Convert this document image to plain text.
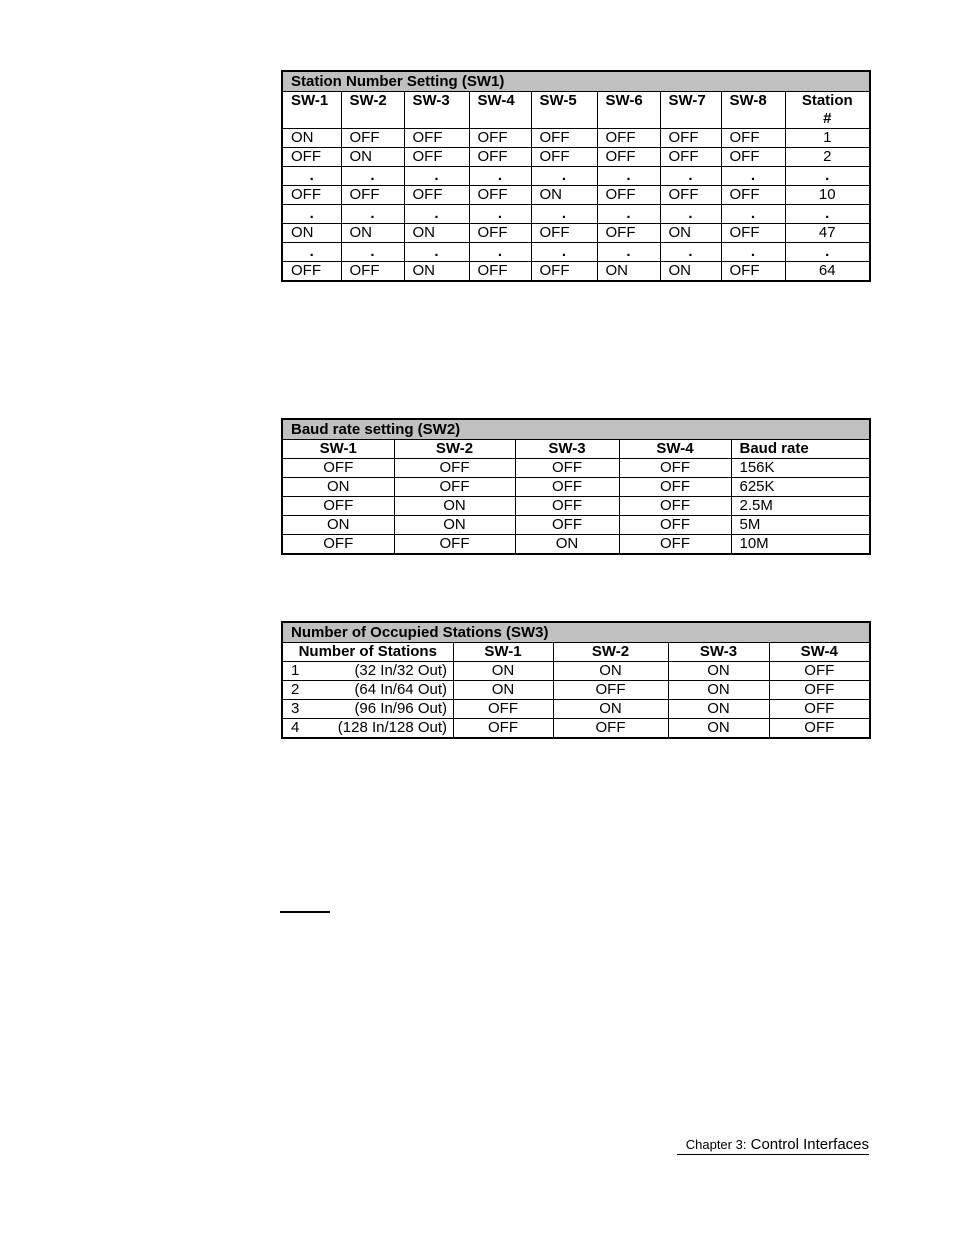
Station Number Setting (SW1)								
SW-1	SW-2	SW-3	SW-4	SW-5	SW-6	SW-7	SW-8	Station
#
ON	OFF	OFF	OFF	OFF	OFF	OFF	OFF	1
OFF	ON	OFF	OFF	OFF	OFF	OFF	OFF	2
.	.	.	.	.	.	.	.	.
OFF	OFF	OFF	OFF	ON	OFF	OFF	OFF	10
.	.	.	.	.	.	.	.	.
ON	ON	ON	OFF	OFF	OFF	ON	OFF	47
.	.	.	.	.	.	.	.	.
OFF	OFF	ON	OFF	OFF	ON	ON	OFF	64
Baud rate setting (SW2)				
SW-1	SW-2	SW-3	SW-4	Baud rate
OFF	OFF	OFF	OFF	156K
ON	OFF	OFF	OFF	625K
OFF	ON	OFF	OFF	2.5M
ON	ON	OFF	OFF	5M
OFF	OFF	ON	OFF	10M
Number of Occupied Stations (SW3)				
Number of Stations	SW-1	SW-2	SW-3	SW-4
1 (32 In/32 Out)	ON	ON	ON	OFF
2 (64 In/64 Out)	ON	OFF	ON	OFF
3 (96 In/96 Out)	OFF	ON	ON	OFF
4 (128 In/128 Out)	OFF	OFF	ON	OFF
Chapter 3: Control Interfaces
